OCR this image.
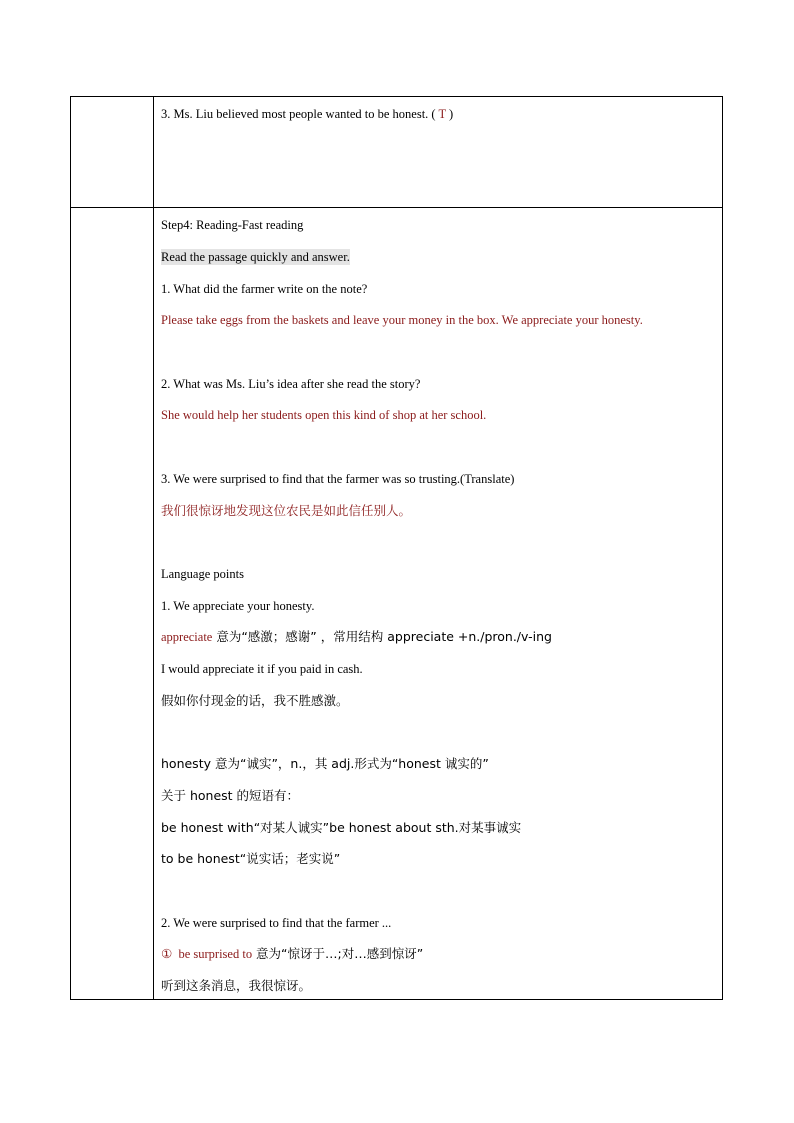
3. Ms. Liu believed most people wanted to be honest. ( T )
Step4: Reading-Fast reading
Read the passage quickly and answer.
1. What did the farmer write on the note?
Please take eggs from the baskets and leave your money in the box. We appreciate your honesty.
2. What was Ms. Liu’s idea after she read the story?
She would help her students open this kind of shop at her school.
3. We were surprised to find that the farmer was so trusting.(Translate)
我们很惊讶地发现这位农民是如此信任别人。
Language points
1. We appreciate your honesty.
appreciate 意为“感激；感谢” ，常用结构 appreciate +n./pron./v-ing
I would appreciate it if you paid in cash.
假如你付现金的话，我不胜感激。
honesty 意为“诚实”，n.，其 adj.形式为“honest 诚实的”
关于 honest 的短语有：
be honest with“对某人诚实”be honest about sth.对某事诚实
to be honest“说实话；老实说”
2. We were surprised to find that the farmer ...
① be surprised to 意为“惊讶于…;对…感到惊讶”
听到这条消息，我很惊讶。
